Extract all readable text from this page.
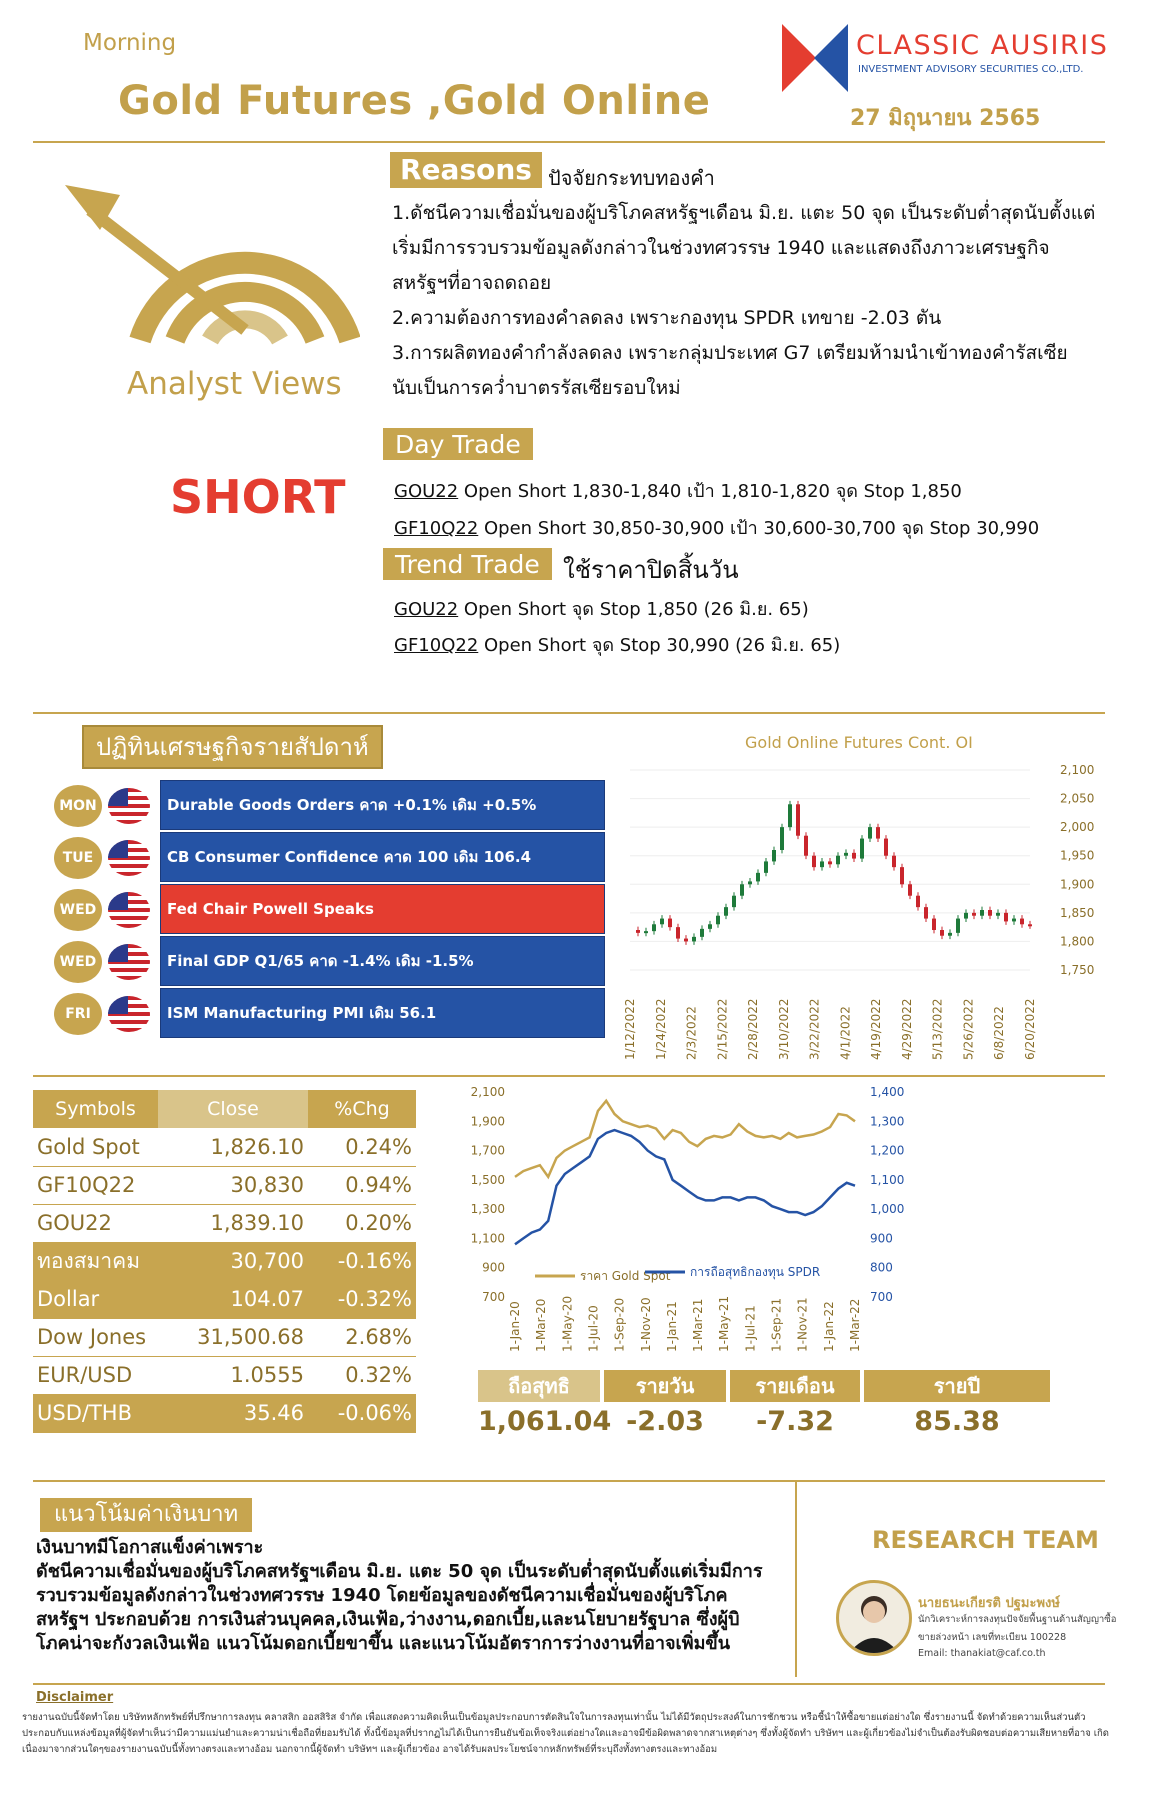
Morning
Gold Futures ,Gold Online
CLASSIC AUSIRIS
INVESTMENT ADVISORY SECURITIES CO.,LTD.
27 มิถุนายน 2565
Analyst Views
SHORT
Reasons ปัจจัยกระทบทองคำ
1.ดัชนีความเชื่อมั่นของผู้บริโภคสหรัฐฯเดือน มิ.ย. แตะ 50 จุด เป็นระดับต่ำสุดนับตั้งแต่
เริ่มมีการรวบรวมข้อมูลดังกล่าวในช่วงทศวรรษ 1940 และแสดงถึงภาวะเศรษฐกิจ
สหรัฐฯที่อาจถดถอย
2.ความต้องการทองคำลดลง เพราะกองทุน SPDR เทขาย -2.03 ตัน
3.การผลิตทองคำกำลังลดลง เพราะกลุ่มประเทศ G7 เตรียมห้ามนำเข้าทองคำรัสเซีย
นับเป็นการคว่ำบาตรรัสเซียรอบใหม่
Day Trade
GOU22 Open Short 1,830-1,840 เป้า 1,810-1,820 จุด Stop 1,850
GF10Q22 Open Short 30,850-30,900 เป้า 30,600-30,700 จุด Stop 30,990
Trend Trade ใช้ราคาปิดสิ้นวัน
GOU22 Open Short จุด Stop 1,850 (26 มิ.ย. 65)
GF10Q22 Open Short จุด Stop 30,990 (26 มิ.ย. 65)
ปฏิทินเศรษฐกิจรายสัปดาห์
MON	Durable Goods Orders คาด +0.1% เดิม +0.5%
TUE	CB Consumer Confidence คาด 100 เดิม 106.4
WED	Fed Chair Powell Speaks
WED	Final GDP Q1/65 คาด -1.4% เดิม -1.5%
FRI	ISM Manufacturing PMI เดิม 56.1
Gold Online Futures Cont. OI
2,100
2,050
2,000
1,950
1,900
1,850
1,800
1,750
1/12/2022 1/24/2022 2/3/2022 2/15/2022 2/28/2022 3/10/2022 3/22/2022 4/1/2022 4/19/2022 4/29/2022 5/13/2022 5/26/2022 6/8/2022 6/20/2022
Symbols	Close	%Chg
Gold Spot	1,826.10	0.24%
GF10Q22	30,830	0.94%
GOU22	1,839.10	0.20%
ทองสมาคม	30,700	-0.16%
Dollar	104.07	-0.32%
Dow Jones	31,500.68	2.68%
EUR/USD	1.0555	0.32%
USD/THB	35.46	-0.06%
2,100
1,900
1,700
1,500
1,300
1,100
900
700
1,400
1,300
1,200
1,100
1,000
900
800
700
ราคา Gold Spot การถือสุทธิกองทุน SPDR
1-Jan-20 1-Mar-20 1-May-20 1-Jul-20 1-Sep-20 1-Nov-20 1-Jan-21 1-Mar-21 1-May-21 1-Jul-21 1-Sep-21 1-Nov-21 1-Jan-22 1-Mar-22
ถือสุทธิ	รายวัน	รายเดือน	รายปี
1,061.04 -2.03	-7.32	85.38
แนวโน้มค่าเงินบาท
เงินบาทมีโอกาสแข็งค่าเพราะ
ดัชนีความเชื่อมั่นของผู้บริโภคสหรัฐฯเดือน มิ.ย. แตะ 50 จุด เป็นระดับต่ำสุดนับตั้งแต่เริ่มมีการ
รวบรวมข้อมูลดังกล่าวในช่วงทศวรรษ 1940 โดยข้อมูลของดัชนีความเชื่อมั่นของผู้บริโภค
สหรัฐฯ ประกอบด้วย การเงินส่วนบุคคล,เงินเฟ้อ,ว่างงาน,ดอกเบี้ย,และนโยบายรัฐบาล ซึ่งผู้บิ
โภคน่าจะกังวลเงินเฟ้อ แนวโน้มดอกเบี้ยขาขึ้น และแนวโน้มอัตราการว่างงานที่อาจเพิ่มขึ้น
RESEARCH TEAM
นายธนะเกียรติ ปฐมะพงษ์
นักวิเคราะห์การลงทุนปัจจัยพื้นฐานด้านสัญญาซื้อ
ขายล่วงหน้า เลขที่ทะเบียน 100228
Email: thanakiat@caf.co.th
Disclaimer
รายงานฉบับนี้จัดทำโดย บริษัทหลักทรัพย์ที่ปรึกษาการลงทุน คลาสสิก ออสสิริส จำกัด เพื่อแสดงความคิดเห็นเป็นข้อมูลประกอบการตัดสินใจในการลงทุนเท่านั้น ไม่ได้มีวัตถุประสงค์ในการชักชวน หรือชี้นำให้ซื้อขายแต่อย่างใด ซึ่งรายงานนี้ จัดทำด้วยความเห็นส่วนตัว
ประกอบกับแหล่งข้อมูลที่ผู้จัดทำเห็นว่ามีความแม่นยำและความน่าเชื่อถือที่ยอมรับได้ ทั้งนี้ข้อมูลที่ปรากฏไม่ได้เป็นการยืนยันข้อเท็จจริงแต่อย่างใดและอาจมีข้อผิดพลาดจากสาเหตุต่างๆ ซึ่งทั้งผู้จัดทำ บริษัทฯ และผู้เกี่ยวข้องไม่จำเป็นต้องรับผิดชอบต่อความเสียหายที่อาจ เกิด
เนื่องมาจากส่วนใดๆของรายงานฉบับนี้ทั้งทางตรงและทางอ้อม นอกจากนี้ผู้จัดทำ บริษัทฯ และผู้เกี่ยวข้อง อาจได้รับผลประโยชน์จากหลักทรัพย์ที่ระบุถึงทั้งทางตรงและทางอ้อม
